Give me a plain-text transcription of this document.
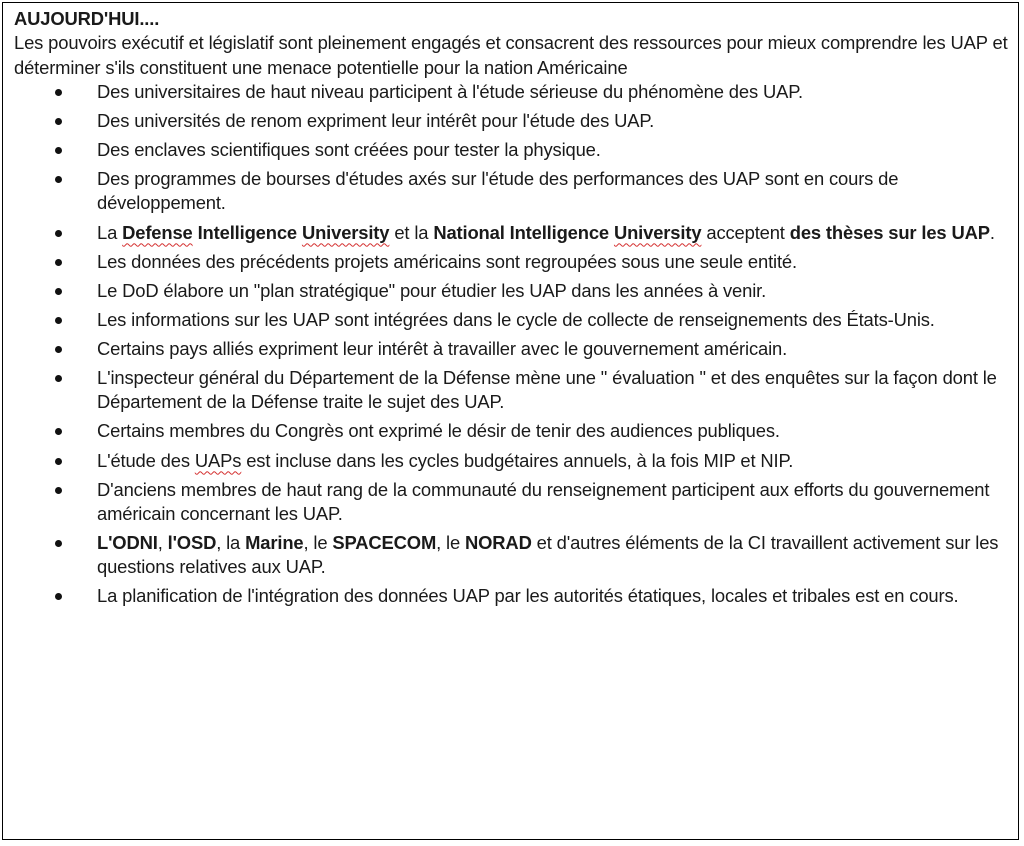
AUJOURD'HUI....

Les pouvoirs exécutif et législatif sont pleinement engagés et consacrent des ressources pour mieux comprendre les UAP et déterminer s'ils constituent une menace potentielle pour la nation Américaine

Des universitaires de haut niveau participent à l'étude sérieuse du phénomène des UAP.
Des universités de renom expriment leur intérêt pour l'étude des UAP.
Des enclaves scientifiques sont créées pour tester la physique.
Des programmes de bourses d'études axés sur l'étude des performances des UAP sont en cours de développement.
La Defense Intelligence University et la National Intelligence University acceptent des thèses sur les UAP.
Les données des précédents projets américains sont regroupées sous une seule entité.
Le DoD élabore un "plan stratégique" pour étudier les UAP dans les années à venir.
Les informations sur les UAP sont intégrées dans le cycle de collecte de renseignements des États-Unis.
Certains pays alliés expriment leur intérêt à travailler avec le gouvernement américain.
L'inspecteur général du Département de la Défense mène une " évaluation " et des enquêtes sur la façon dont le Département de la Défense traite le sujet des UAP.
Certains membres du Congrès ont exprimé le désir de tenir des audiences publiques.
L'étude des UAPs est incluse dans les cycles budgétaires annuels, à la fois MIP et NIP.
D'anciens membres de haut rang de la communauté du renseignement participent aux efforts du gouvernement américain concernant les UAP.
L'ODNI, l'OSD, la Marine, le SPACECOM, le NORAD et d'autres éléments de la CI travaillent activement sur les questions relatives aux UAP.
La planification de l'intégration des données UAP par les autorités étatiques, locales et tribales est en cours.
